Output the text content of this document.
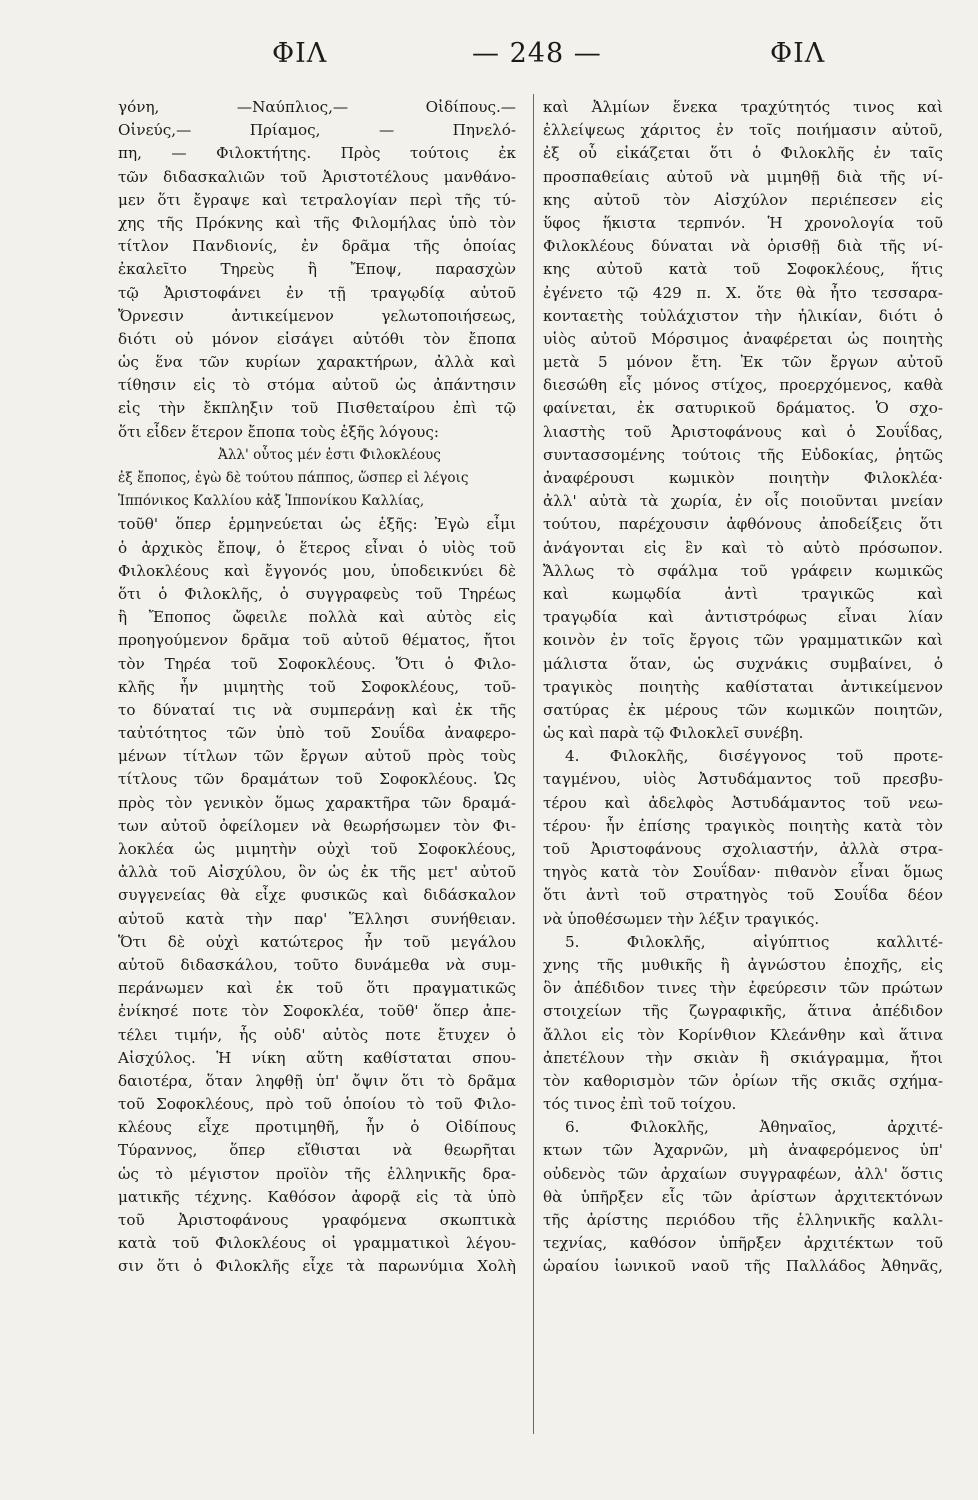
ΦΙΛ	— 248 —	ΦΙΛ
γόνη, —Ναύπλιος,— Οἰδίπους.—
Οἰνεύς,— Πρίαμος, — Πηνελό-
πη, — Φιλοκτήτης. Πρὸς τούτοις ἐκ
τῶν διδασκαλιῶν τοῦ Ἀριστοτέλους μανθάνο-
μεν ὅτι ἔγραψε καὶ τετραλογίαν περὶ τῆς τύ-
χης τῆς Πρόκνης καὶ τῆς Φιλομήλας ὑπὸ τὸν
τίτλον Πανδιονίς, ἐν δρᾶμα τῆς ὁποίας
ἐκαλεῖτο Τηρεὺς ἢ Ἔποψ, παρασχὼν
τῷ Ἀριστοφάνει ἐν τῇ τραγῳδίᾳ αὐτοῦ
Ὄρνεσιν ἀντικείμενον γελωτοποιήσεως,
διότι οὐ μόνον εἰσάγει αὐτόθι τὸν ἔποπα
ὡς ἕνα τῶν κυρίων χαρακτήρων, ἀλλὰ καὶ
τίθησιν εἰς τὸ στόμα αὐτοῦ ὡς ἀπάντησιν
εἰς τὴν ἔκπληξιν τοῦ Πισθεταίρου ἐπὶ τῷ
ὅτι εἶδεν ἕτερον ἔποπα τοὺς ἑξῆς λόγους:
Ἀλλ' οὗτος μέν ἐστι Φιλοκλέους
ἐξ ἔποπος, ἐγὼ δὲ τούτου πάππος, ὥσπερ εἰ λέγοις
Ἱππόνικος Καλλίου κἀξ Ἱππονίκου Καλλίας,
τοῦθ' ὅπερ ἑρμηνεύεται ὡς ἑξῆς: Ἐγὼ εἶμι
ὁ ἀρχικὸς ἔποψ, ὁ ἕτερος εἶναι ὁ υἱὸς τοῦ
Φιλοκλέους καὶ ἔγγονός μου, ὑποδεικνύει δὲ
ὅτι ὁ Φιλοκλῆς, ὁ συγγραφεὺς τοῦ Τηρέως
ἢ Ἔποπος ὤφειλε πολλὰ καὶ αὐτὸς εἰς
προηγούμενον δρᾶμα τοῦ αὐτοῦ θέματος, ἤτοι
τὸν Τηρέα τοῦ Σοφοκλέους. Ὅτι ὁ Φιλο-
κλῆς ἦν μιμητὴς τοῦ Σοφοκλέους, τοῦ-
το δύναταί τις νὰ συμπεράνῃ καὶ ἐκ τῆς
ταὐτότητος τῶν ὑπὸ τοῦ Σουΐδα ἀναφερο-
μένων τίτλων τῶν ἔργων αὐτοῦ πρὸς τοὺς
τίτλους τῶν δραμάτων τοῦ Σοφοκλέους. Ὡς
πρὸς τὸν γενικὸν ὅμως χαρακτῆρα τῶν δραμά-
των αὐτοῦ ὀφείλομεν νὰ θεωρήσωμεν τὸν Φι-
λοκλέα ὡς μιμητὴν οὐχὶ τοῦ Σοφοκλέους,
ἀλλὰ τοῦ Αἰσχύλου, ὃν ὡς ἐκ τῆς μετ' αὐτοῦ
συγγενείας θὰ εἶχε φυσικῶς καὶ διδάσκαλον
αὐτοῦ κατὰ τὴν παρ' Ἕλλησι συνήθειαν.
Ὅτι δὲ οὐχὶ κατώτερος ἦν τοῦ μεγάλου
αὐτοῦ διδασκάλου, τοῦτο δυνάμεθα νὰ συμ-
περάνωμεν καὶ ἐκ τοῦ ὅτι πραγματικῶς
ἐνίκησέ ποτε τὸν Σοφοκλέα, τοῦθ' ὅπερ ἀπε-
τέλει τιμήν, ἧς οὐδ' αὐτὸς ποτε ἔτυχεν ὁ
Αἰσχύλος. Ἡ νίκη αὕτη καθίσταται σπου-
δαιοτέρα, ὅταν ληφθῇ ὑπ' ὄψιν ὅτι τὸ δρᾶμα
τοῦ Σοφοκλέους, πρὸ τοῦ ὁποίου τὸ τοῦ Φιλο-
κλέους εἶχε προτιμηθῆ, ἦν ὁ Οἰδίπους
Τύραννος, ὅπερ εἴθισται νὰ θεωρῆται
ὡς τὸ μέγιστον προϊὸν τῆς ἑλληνικῆς δρα-
ματικῆς τέχνης. Καθόσον ἀφορᾷ εἰς τὰ ὑπὸ
τοῦ Ἀριστοφάνους γραφόμενα σκωπτικὰ
κατὰ τοῦ Φιλοκλέους οἱ γραμματικοὶ λέγου-
σιν ὅτι ὁ Φιλοκλῆς εἶχε τὰ παρωνύμια Χολὴ
καὶ Ἀλμίων ἕνεκα τραχύτητός τινος καὶ
ἐλλείψεως χάριτος ἐν τοῖς ποιήμασιν αὐτοῦ,
ἐξ οὗ εἰκάζεται ὅτι ὁ Φιλοκλῆς ἐν ταῖς
προσπαθείαις αὐτοῦ νὰ μιμηθῇ διὰ τῆς νί-
κης αὐτοῦ τὸν Αἰσχύλον περιέπεσεν εἰς
ὕφος ἥκιστα τερπνόν. Ἡ χρονολογία τοῦ
Φιλοκλέους δύναται νὰ ὁρισθῇ διὰ τῆς νί-
κης αὐτοῦ κατὰ τοῦ Σοφοκλέους, ἥτις
ἐγένετο τῷ 429 π. Χ. ὅτε θὰ ἦτο τεσσαρα-
κονταετὴς τοὐλάχιστον τὴν ἡλικίαν, διότι ὁ
υἱὸς αὐτοῦ Μόρσιμος ἀναφέρεται ὡς ποιητὴς
μετὰ 5 μόνον ἔτη. Ἐκ τῶν ἔργων αὐτοῦ
διεσώθη εἷς μόνος στίχος, προερχόμενος, καθὰ
φαίνεται, ἐκ σατυρικοῦ δράματος. Ὁ σχο-
λιαστὴς τοῦ Ἀριστοφάνους καὶ ὁ Σουΐδας,
συντασσομένης τούτοις τῆς Εὐδοκίας, ῥητῶς
ἀναφέρουσι κωμικὸν ποιητὴν Φιλοκλέα·
ἀλλ' αὐτὰ τὰ χωρία, ἐν οἷς ποιοῦνται μνείαν
τούτου, παρέχουσιν ἀφθόνους ἀποδείξεις ὅτι
ἀνάγονται εἰς ἓν καὶ τὸ αὐτὸ πρόσωπον.
Ἄλλως τὸ σφάλμα τοῦ γράφειν κωμικῶς
καὶ κωμῳδία ἀντὶ τραγικῶς καὶ
τραγῳδία καὶ ἀντιστρόφως εἶναι λίαν
κοινὸν ἐν τοῖς ἔργοις τῶν γραμματικῶν καὶ
μάλιστα ὅταν, ὡς συχνάκις συμβαίνει, ὁ
τραγικὸς ποιητὴς καθίσταται ἀντικείμενον
σατύρας ἐκ μέρους τῶν κωμικῶν ποιητῶν,
ὡς καὶ παρὰ τῷ Φιλοκλεῖ συνέβη.
4. Φιλοκλῆς, δισέγγονος τοῦ προτε-
ταγμένου, υἱὸς Ἀστυδάμαντος τοῦ πρεσβυ-
τέρου καὶ ἀδελφὸς Ἀστυδάμαντος τοῦ νεω-
τέρου· ἦν ἐπίσης τραγικὸς ποιητὴς κατὰ τὸν
τοῦ Ἀριστοφάνους σχολιαστήν, ἀλλὰ στρα-
τηγὸς κατὰ τὸν Σουΐδαν· πιθανὸν εἶναι ὅμως
ὅτι ἀντὶ τοῦ στρατηγὸς τοῦ Σουΐδα δέον
νὰ ὑποθέσωμεν τὴν λέξιν τραγικός.
5. Φιλοκλῆς, αἰγύπτιος καλλιτέ-
χνης τῆς μυθικῆς ἢ ἀγνώστου ἐποχῆς, εἰς
ὃν ἀπέδιδον τινες τὴν ἐφεύρεσιν τῶν πρώτων
στοιχείων τῆς ζωγραφικῆς, ἅτινα ἀπέδιδον
ἄλλοι εἰς τὸν Κορίνθιον Κλεάνθην καὶ ἅτινα
ἀπετέλουν τὴν σκιὰν ἢ σκιάγραμμα, ἤτοι
τὸν καθορισμὸν τῶν ὁρίων τῆς σκιᾶς σχήμα-
τός τινος ἐπὶ τοῦ τοίχου.
6. Φιλοκλῆς, Ἀθηναῖος, ἀρχιτέ-
κτων τῶν Ἀχαρνῶν, μὴ ἀναφερόμενος ὑπ'
οὐδενὸς τῶν ἀρχαίων συγγραφέων, ἀλλ' ὅστις
θὰ ὑπῆρξεν εἷς τῶν ἀρίστων ἀρχιτεκτόνων
τῆς ἀρίστης περιόδου τῆς ἑλληνικῆς καλλι-
τεχνίας, καθόσον ὑπῆρξεν ἀρχιτέκτων τοῦ
ὡραίου ἰωνικοῦ ναοῦ τῆς Παλλάδος Ἀθηνᾶς,
